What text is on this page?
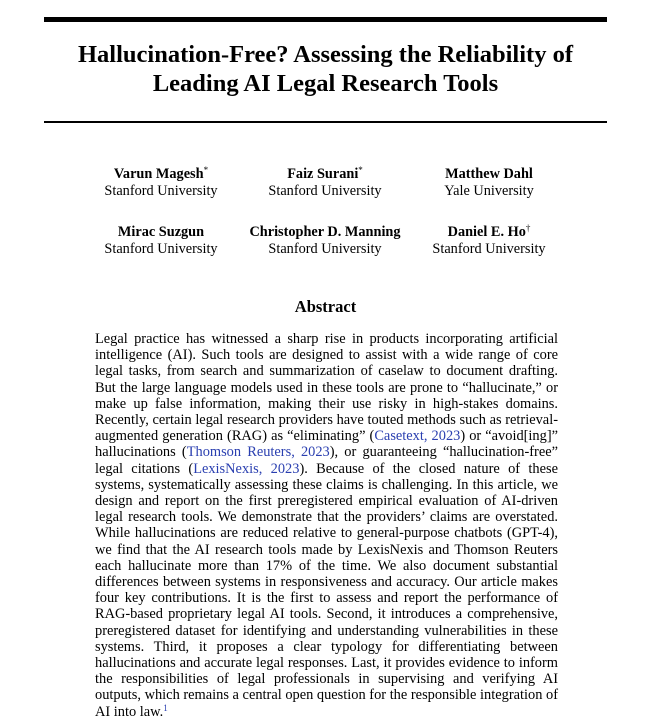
Hallucination-Free? Assessing the Reliability of Leading AI Legal Research Tools
Varun Magesh*
Stanford University
Faiz Surani*
Stanford University
Matthew Dahl
Yale University
Mirac Suzgun
Stanford University
Christopher D. Manning
Stanford University
Daniel E. Ho†
Stanford University
Abstract

Legal practice has witnessed a sharp rise in products incorporating artificial intelligence (AI). Such tools are designed to assist with a wide range of core legal tasks, from search and summarization of caselaw to document drafting. But the large language models used in these tools are prone to “hallucinate,” or make up false information, making their use risky in high-stakes domains. Recently, certain legal research providers have touted methods such as retrieval-augmented generation (RAG) as “eliminating” (Casetext, 2023) or “avoid[ing]” hallucinations (Thomson Reuters, 2023), or guaranteeing “hallucination-free” legal citations (LexisNexis, 2023). Because of the closed nature of these systems, systematically assessing these claims is challenging. In this article, we design and report on the first preregistered empirical evaluation of AI-driven legal research tools. We demonstrate that the providers’ claims are overstated. While hallucinations are reduced relative to general-purpose chatbots (GPT-4), we find that the AI research tools made by LexisNexis and Thomson Reuters each hallucinate more than 17% of the time. We also document substantial differences between systems in responsiveness and accuracy. Our article makes four key contributions. It is the first to assess and report the performance of RAG-based proprietary legal AI tools. Second, it introduces a comprehensive, preregistered dataset for identifying and understanding vulnerabilities in these systems. Third, it proposes a clear typology for differentiating between hallucinations and accurate legal responses. Last, it provides evidence to inform the responsibilities of legal professionals in supervising and verifying AI outputs, which remains a central open question for the responsible integration of AI into law.$^1$
